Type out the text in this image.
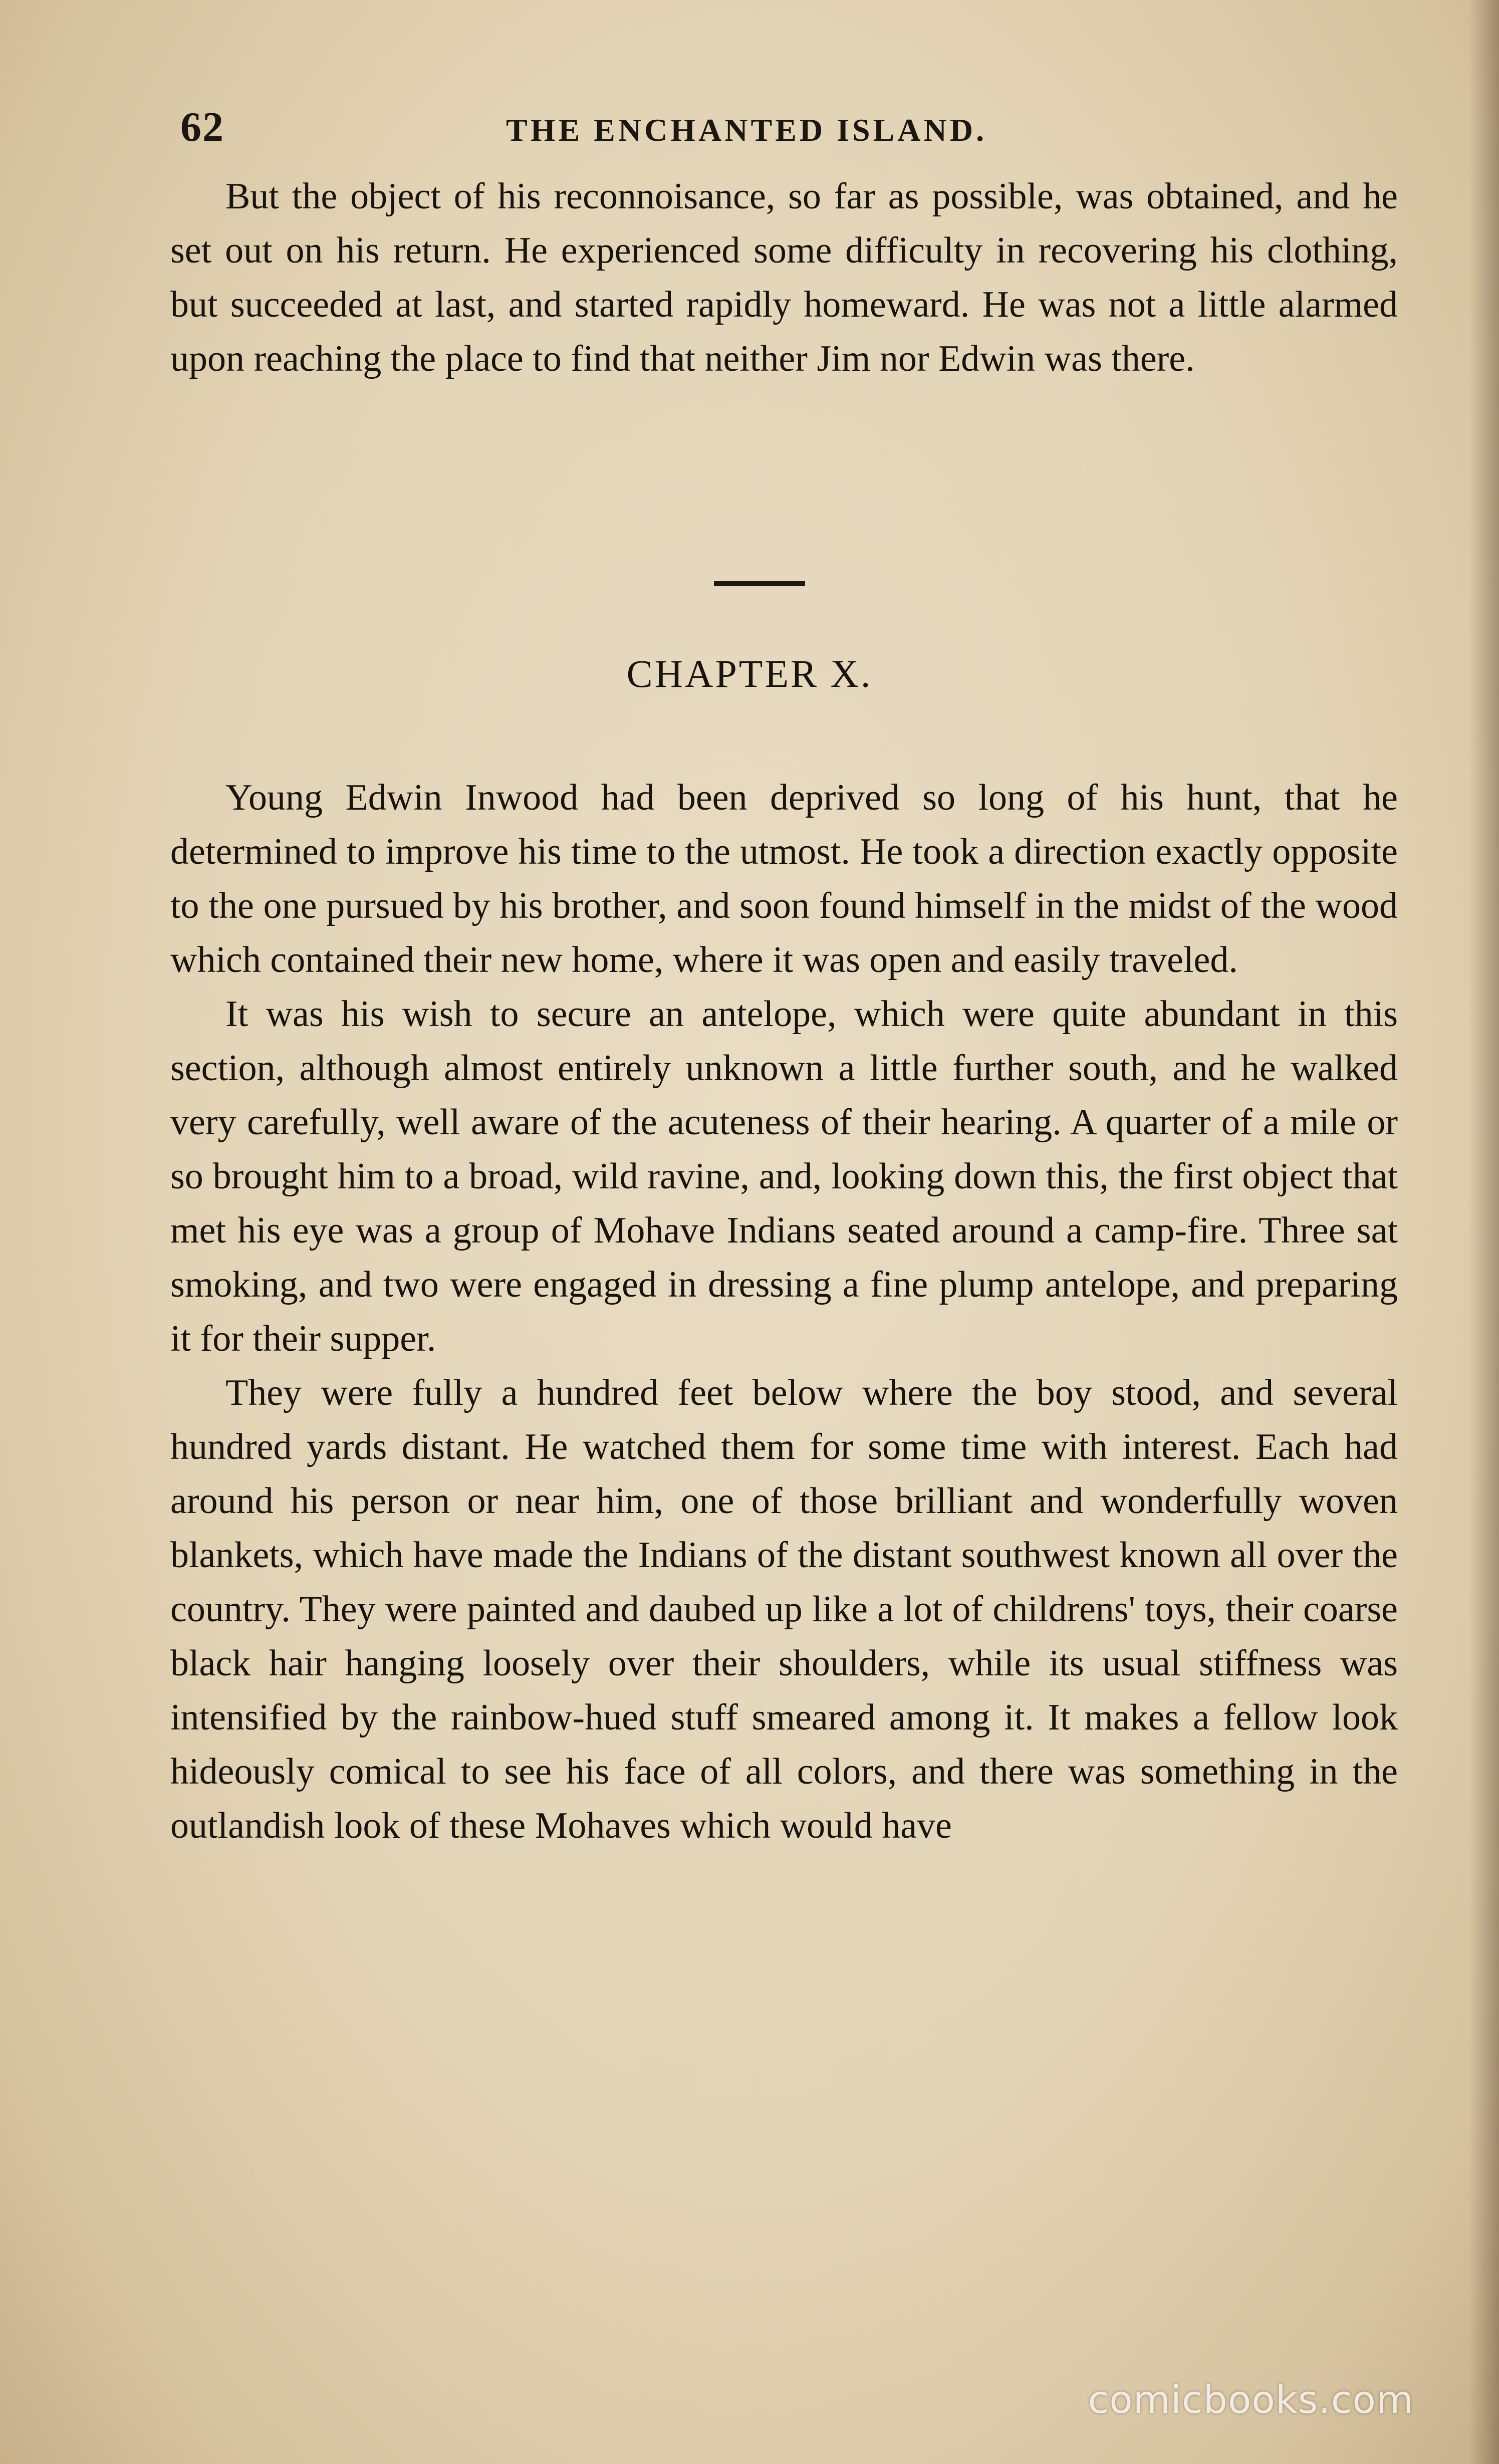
62	THE ENCHANTED ISLAND.

But the object of his reconnoisance, so far as possible, was obtained, and he set out on his return. He experienced some difficulty in recovering his clothing, but succeeded at last, and started rapidly homeward. He was not a little alarmed upon reaching the place to find that neither Jim nor Edwin was there.

CHAPTER X.

Young Edwin Inwood had been deprived so long of his hunt, that he determined to improve his time to the utmost. He took a direction exactly opposite to the one pursued by his brother, and soon found himself in the midst of the wood which contained their new home, where it was open and easily traveled.

It was his wish to secure an antelope, which were quite abundant in this section, although almost entirely unknown a little further south, and he walked very carefully, well aware of the acuteness of their hearing. A quarter of a mile or so brought him to a broad, wild ravine, and, looking down this, the first object that met his eye was a group of Mohave Indians seated around a camp-fire. Three sat smoking, and two were engaged in dressing a fine plump antelope, and preparing it for their supper.

They were fully a hundred feet below where the boy stood, and several hundred yards distant. He watched them for some time with interest. Each had around his person or near him, one of those brilliant and wonderfully woven blankets, which have made the Indians of the distant southwest known all over the country. They were painted and daubed up like a lot of childrens' toys, their coarse black hair hanging loosely over their shoulders, while its usual stiffness was intensified by the rainbow-hued stuff smeared among it. It makes a fellow look hideously comical to see his face of all colors, and there was something in the outlandish look of these Mohaves which would have

comicbooks.com
